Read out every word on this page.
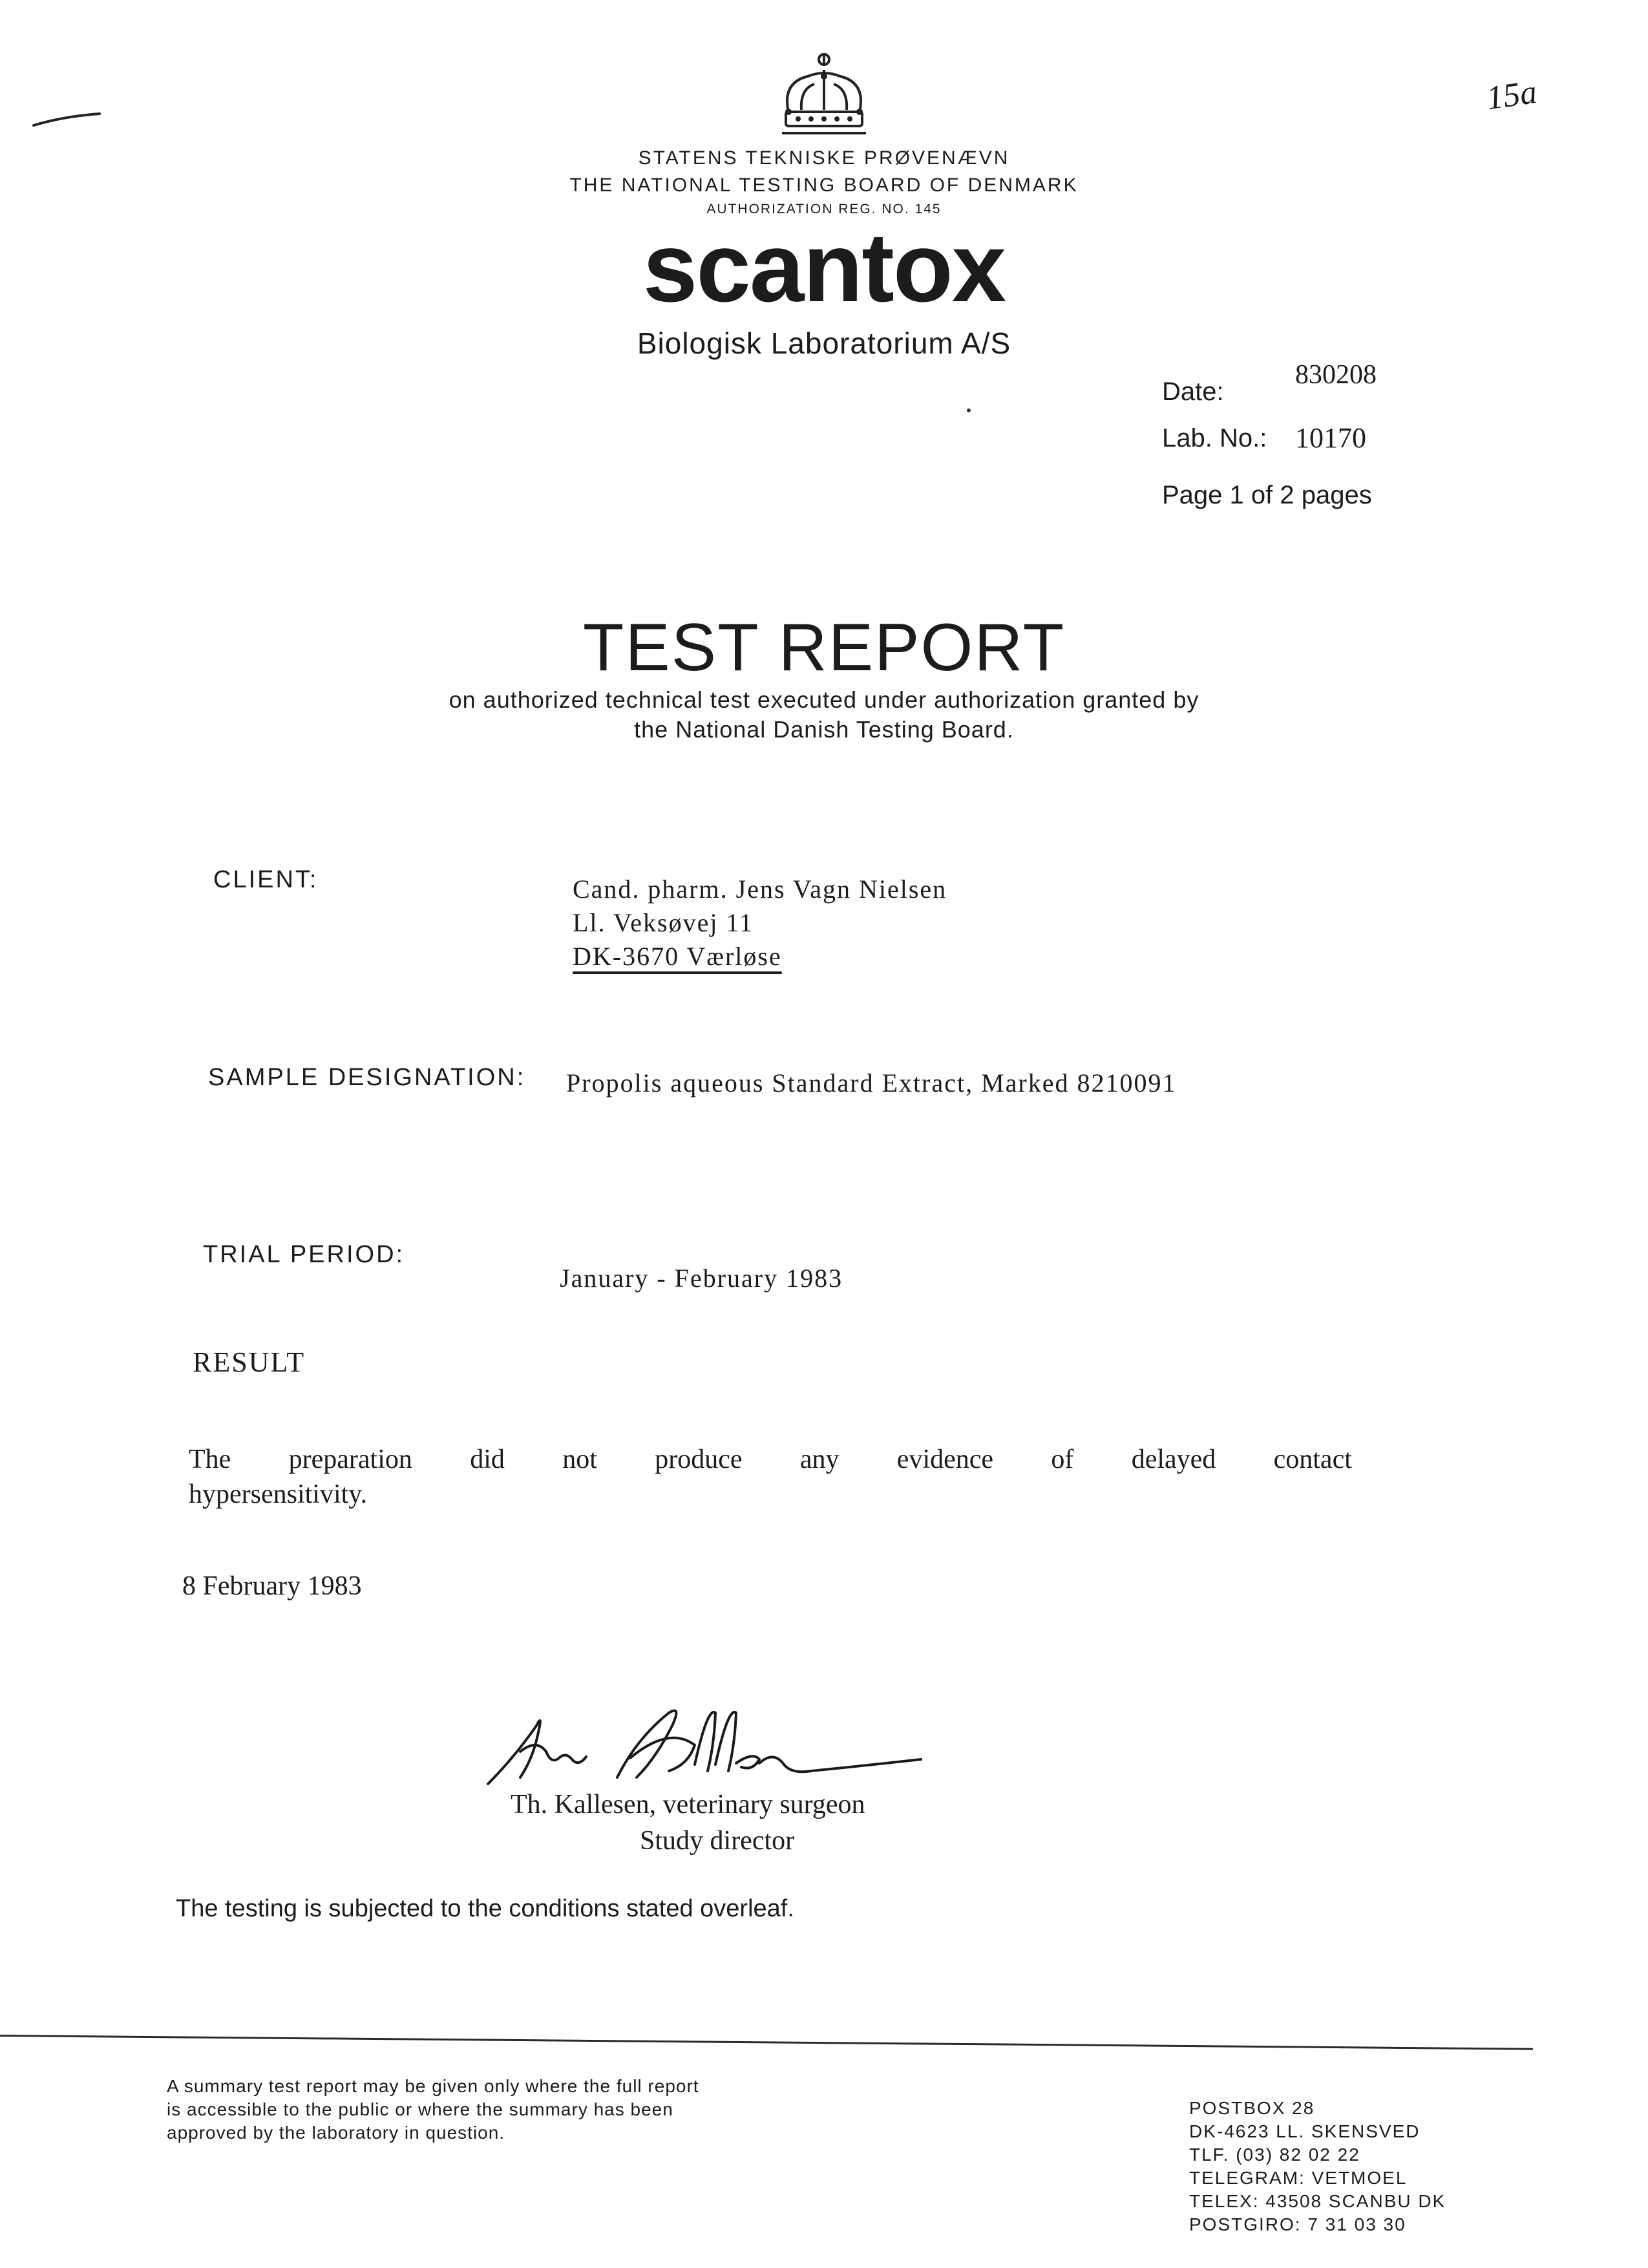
15a
STATENS TEKNISKE PRØVENÆVN
THE NATIONAL TESTING BOARD OF DENMARK
AUTHORIZATION REG. NO. 145
scantox
Biologisk Laboratorium A/S
Date:
830208
Lab. No.: 10170
Page 1 of 2 pages
TEST REPORT
on authorized technical test executed under authorization granted by
the National Danish Testing Board.
CLIENT:	Cand. pharm. Jens Vagn Nielsen
Ll. Veksøvej 11
DK-3670 Værløse
SAMPLE DESIGNATION: Propolis aqueous Standard Extract, Marked 8210091
TRIAL PERIOD:
January - February 1983
RESULT
The preparation did not produce any evidence of delayed contact
hypersensitivity.
8 February 1983
Th. Kallesen, veterinary surgeon
Study director
The testing is subjected to the conditions stated overleaf.
A summary test report may be given only where the full report
is accessible to the public or where the summary has been
approved by the laboratory in question.
POSTBOX 28
DK-4623 LL. SKENSVED
TLF. (03) 82 02 22
TELEGRAM: VETMOEL
TELEX: 43508 SCANBU DK
POSTGIRO: 7 31 03 30
